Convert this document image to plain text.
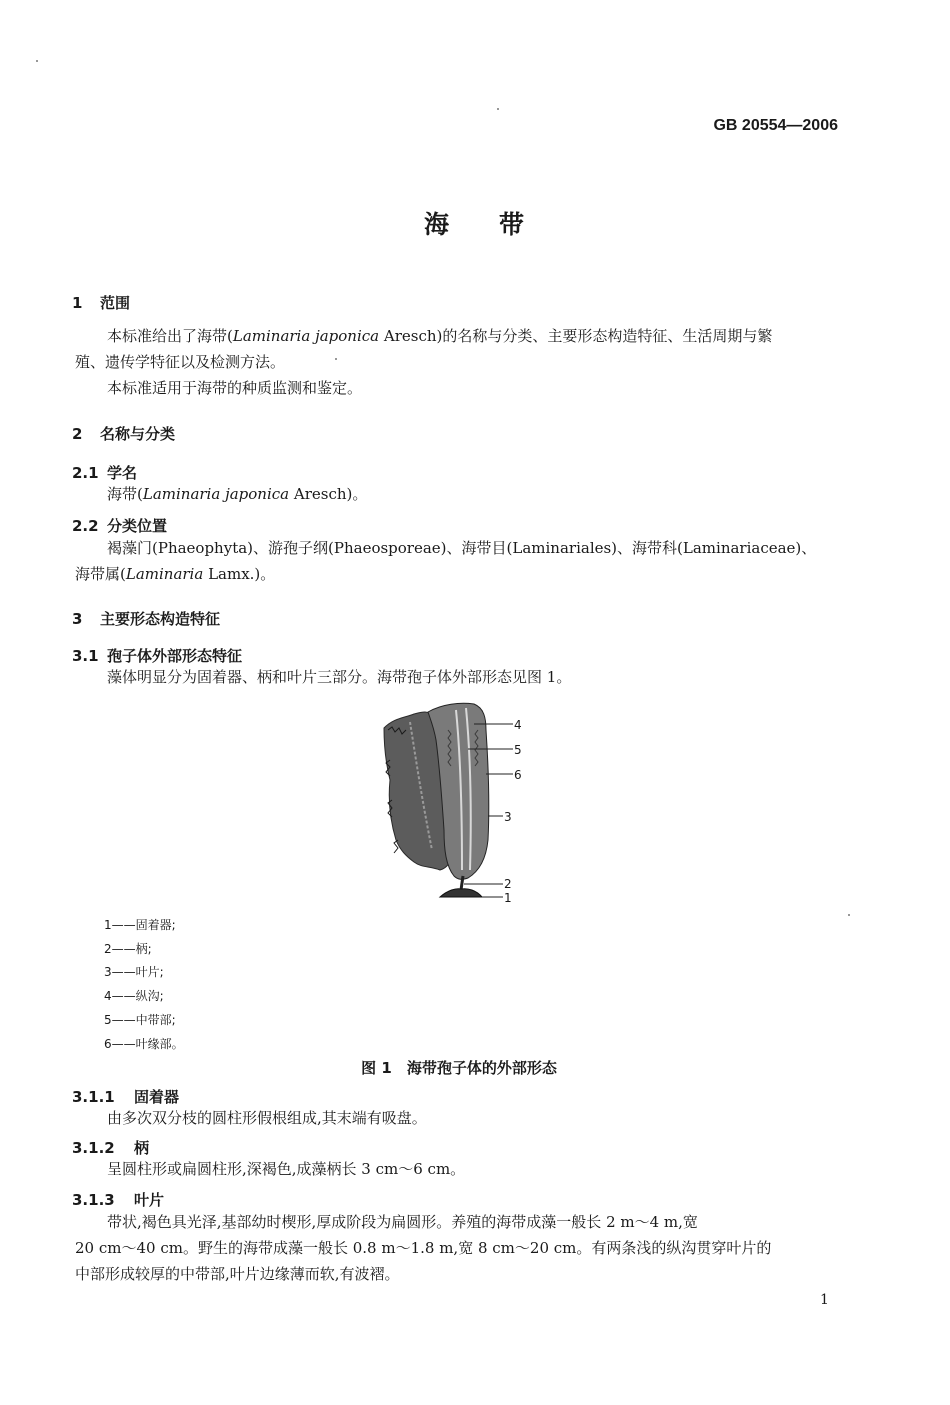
GB 20554—2006
海 带
1 范围
本标准给出了海带(Laminaria japonica Aresch)的名称与分类、主要形态构造特征、生活周期与繁
殖、遗传学特征以及检测方法。
本标准适用于海带的种质监测和鉴定。
2 名称与分类
2.1 学名
海带(Laminaria japonica Aresch)。
2.2 分类位置
褐藻门(Phaeophyta)、游孢子纲(Phaeosporeae)、海带目(Laminariales)、海带科(Laminariaceae)、
海带属(Laminaria Lamx.)。
3 主要形态构造特征
3.1 孢子体外部形态特征
藻体明显分为固着器、柄和叶片三部分。海带孢子体外部形态见图 1。
4
5
6
3
2
1
1——固着器;
2——柄;
3——叶片;
4——纵沟;
5——中带部;
6——叶缘部。
图 1　海带孢子体的外部形态
3.1.1 固着器
由多次双分枝的圆柱形假根组成,其末端有吸盘。
3.1.2 柄
呈圆柱形或扁圆柱形,深褐色,成藻柄长 3 cm～6 cm。
3.1.3 叶片
带状,褐色具光泽,基部幼时楔形,厚成阶段为扁圆形。养殖的海带成藻一般长 2 m～4 m,宽
20 cm～40 cm。野生的海带成藻一般长 0.8 m～1.8 m,宽 8 cm～20 cm。有两条浅的纵沟贯穿叶片的
中部形成较厚的中带部,叶片边缘薄而软,有波褶。
1
